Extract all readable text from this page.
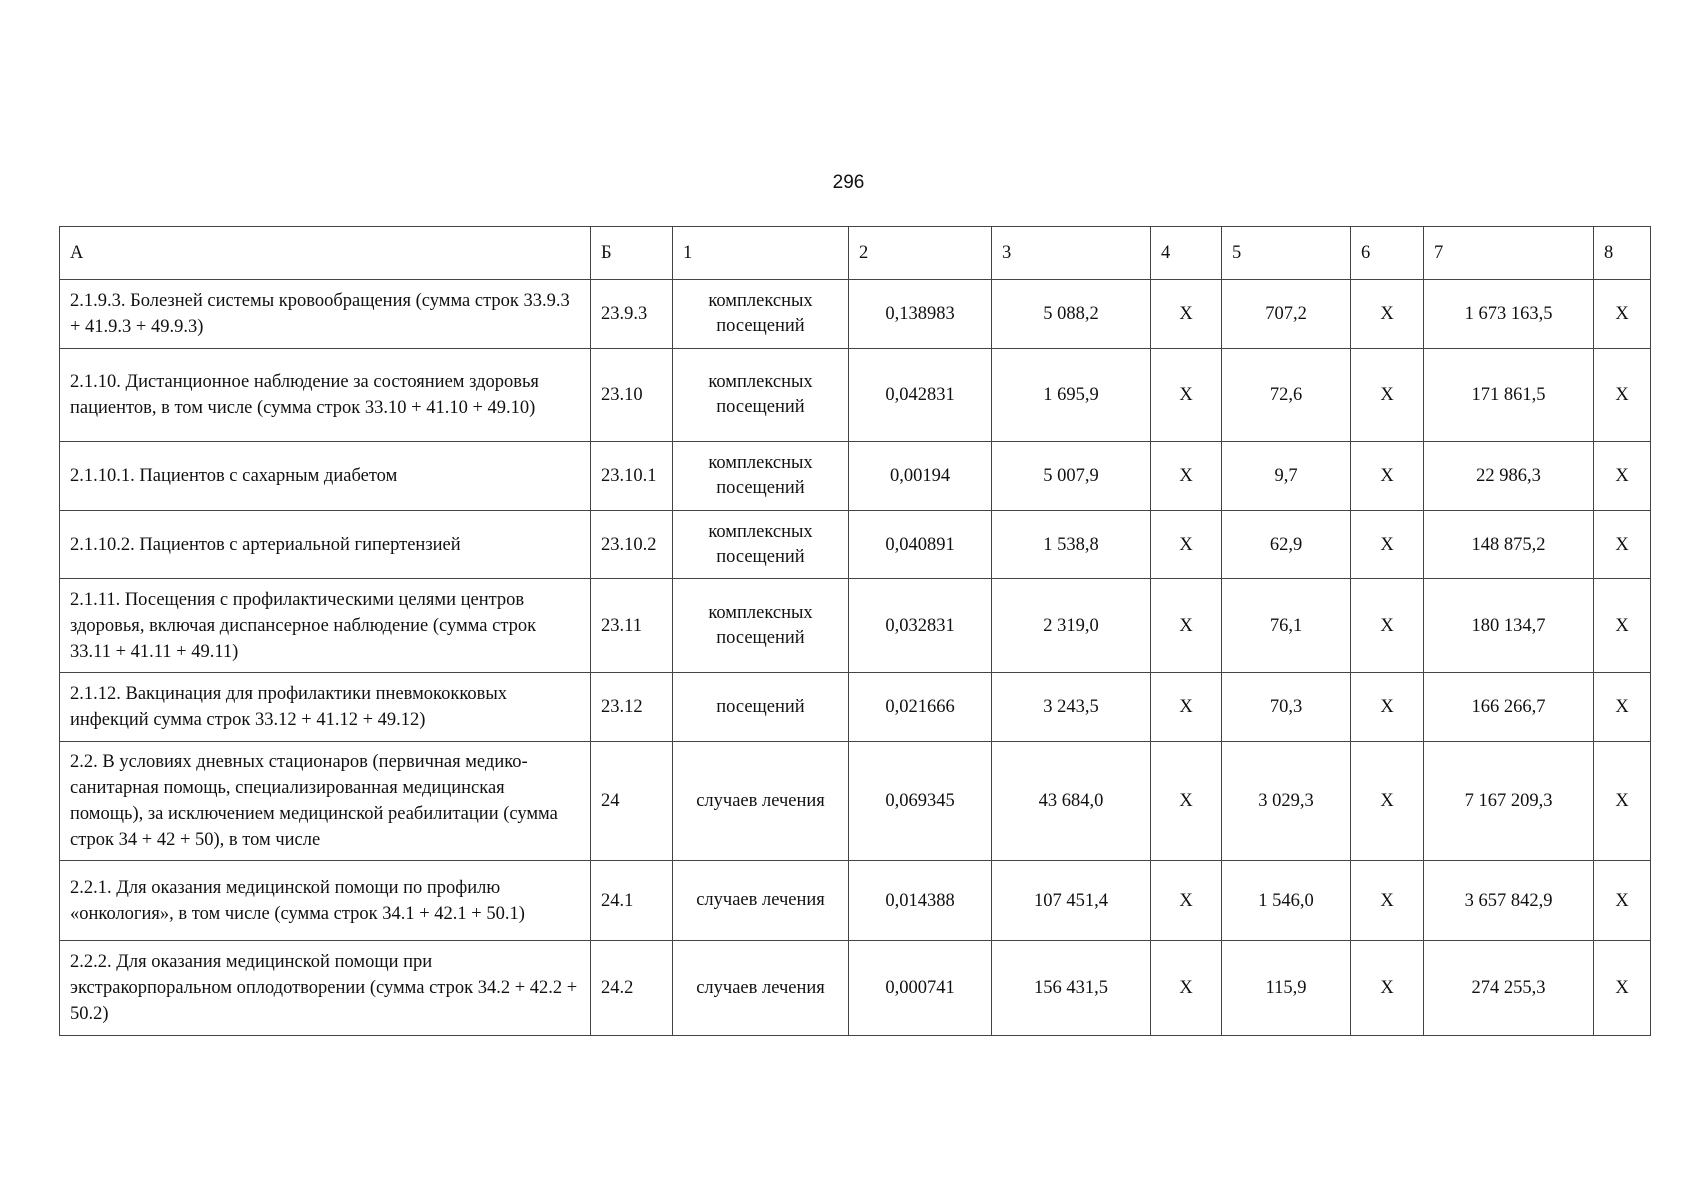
296
А	Б	1	2	3	4	5	6	7	8
2.1.9.3. Болезней системы кровообращения (сумма строк 33.9.3 + 41.9.3 + 49.9.3)	23.9.3	комплексных посещений	0,138983	5 088,2	X	707,2	X	1 673 163,5	X
2.1.10. Дистанционное наблюдение за состоянием здоровья пациентов, в том числе (сумма строк 33.10 + 41.10 + 49.10)	23.10	комплексных посещений	0,042831	1 695,9	X	72,6	X	171 861,5	X
2.1.10.1. Пациентов с сахарным диабетом	23.10.1	комплексных посещений	0,00194	5 007,9	X	9,7	X	22 986,3	X
2.1.10.2. Пациентов с артериальной гипертензией	23.10.2	комплексных посещений	0,040891	1 538,8	X	62,9	X	148 875,2	X
2.1.11. Посещения с профилактическими целями центров здоровья, включая диспансерное наблюдение (сумма строк 33.11 + 41.11 + 49.11)	23.11	комплексных посещений	0,032831	2 319,0	X	76,1	X	180 134,7	X
2.1.12. Вакцинация для профилактики пневмококковых инфекций сумма строк 33.12 + 41.12 + 49.12)	23.12	посещений	0,021666	3 243,5	X	70,3	X	166 266,7	X
2.2. В условиях дневных стационаров (первичная медико-санитарная помощь, специализированная медицинская помощь), за исключением медицинской реабилитации (сумма строк 34 + 42 + 50), в том числе	24	случаев лечения	0,069345	43 684,0	X	3 029,3	X	7 167 209,3	X
2.2.1. Для оказания медицинской помощи по профилю «онкология», в том числе (сумма строк 34.1 + 42.1 + 50.1)	24.1	случаев лечения	0,014388	107 451,4	X	1 546,0	X	3 657 842,9	X
2.2.2. Для оказания медицинской помощи при экстракорпоральном оплодотворении (сумма строк 34.2 + 42.2 + 50.2)	24.2	случаев лечения	0,000741	156 431,5	X	115,9	X	274 255,3	X
